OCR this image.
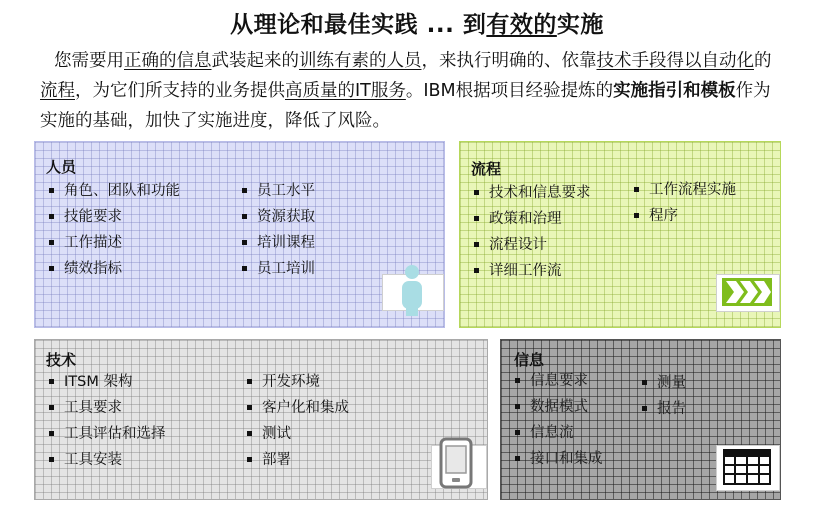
从理论和最佳实践 ... 到有效的实施
您需要用正确的信息武装起来的训练有素的人员，来执行明确的、依靠技术手段得以自动化的流程，为它们所支持的业务提供高质量的IT服务。IBM根据项目经验提炼的实施指引和模板作为实施的基础，加快了实施进度，降低了风险。
人员
角色、团队和功能
技能要求
工作描述
绩效指标
员工水平
资源获取
培训课程
员工培训
流程
技术和信息要求
政策和治理
流程设计
详细工作流
工作流程实施
程序
技术
ITSM 架构
工具要求
工具评估和选择
工具安装
开发环境
客户化和集成
测试
部署
信息
信息要求
数据模式
信息流
接口和集成
测量
报告
